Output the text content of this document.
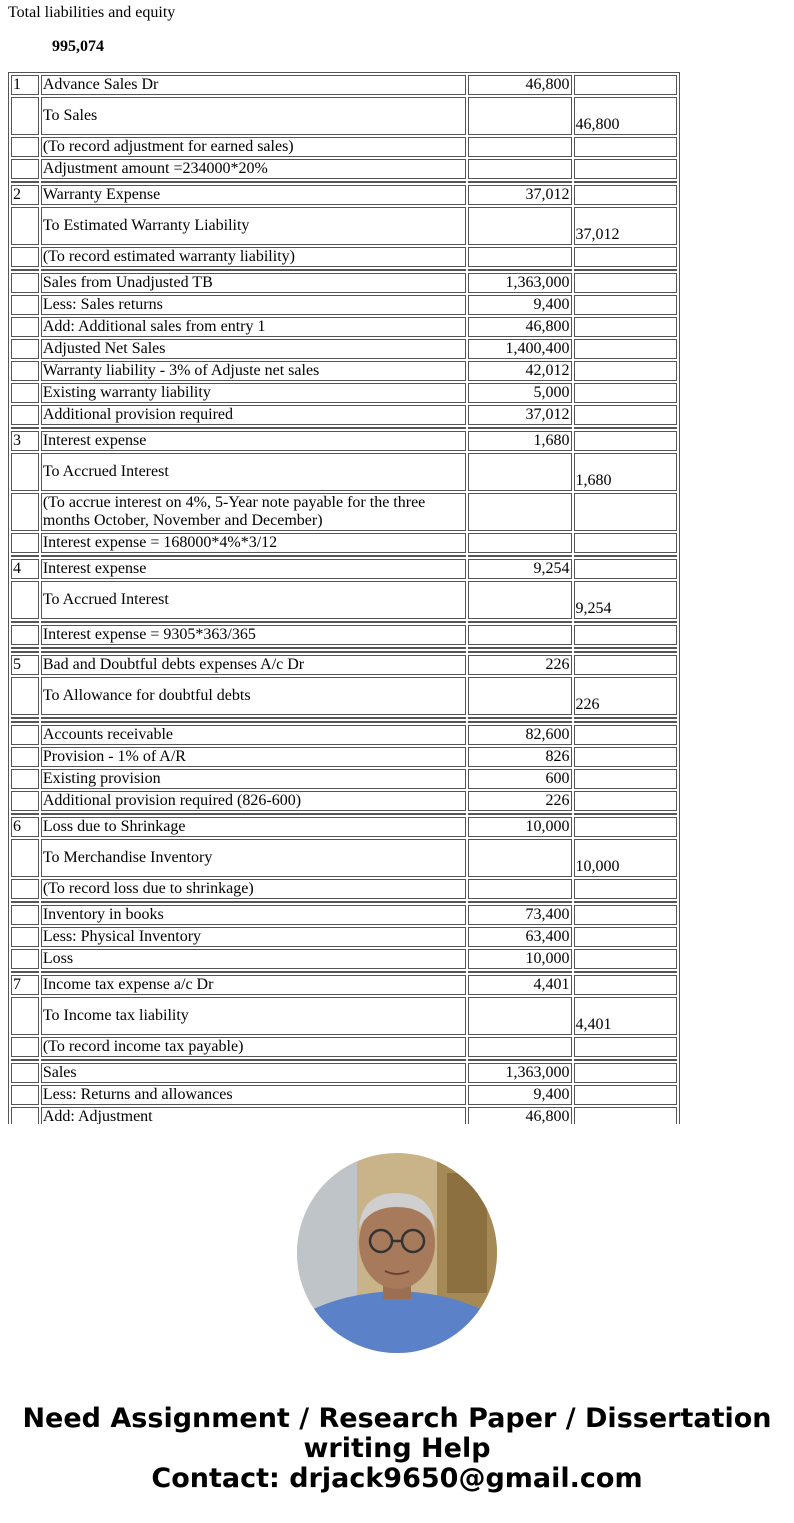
Total liabilities and equity
995,074
1	Advance Sales Dr	46,800	
	To Sales		46,800
	(To record adjustment for earned sales)		
	Adjustment amount =234000*20%		

2	Warranty Expense	37,012	
	To Estimated Warranty Liability		37,012
	(To record estimated warranty liability)		

	Sales from Unadjusted TB	1,363,000	
	Less: Sales returns	9,400	
	Add: Additional sales from entry 1	46,800	
	Adjusted Net Sales	1,400,400	
	Warranty liability - 3% of Adjuste net sales	42,012	
	Existing warranty liability	5,000	
	Additional provision required	37,012	

3	Interest expense	1,680	
	To Accrued Interest		1,680
	(To accrue interest on 4%, 5-Year note payable for the three months October, November and December)		
	Interest expense = 168000*4%*3/12		

4	Interest expense	9,254	
	To Accrued Interest		9,254

	Interest expense = 9305*363/365		

5	Bad and Doubtful debts expenses A/c Dr	226	
	To Allowance for doubtful debts		226

	Accounts receivable	82,600	
	Provision - 1% of A/R	826	
	Existing provision	600	
	Additional provision required (826-600)	226	

6	Loss due to Shrinkage	10,000	
	To Merchandise Inventory		10,000
	(To record loss due to shrinkage)		

	Inventory in books	73,400	
	Less: Physical Inventory	63,400	
	Loss	10,000	

7	Income tax expense a/c Dr	4,401	
	To Income tax liability		4,401
	(To record income tax payable)		

	Sales	1,363,000	
	Less: Returns and allowances	9,400	
	Add: Adjustment	46,800	
Need Assignment / Research Paper / Dissertation
writing Help
Contact: drjack9650@gmail.com
